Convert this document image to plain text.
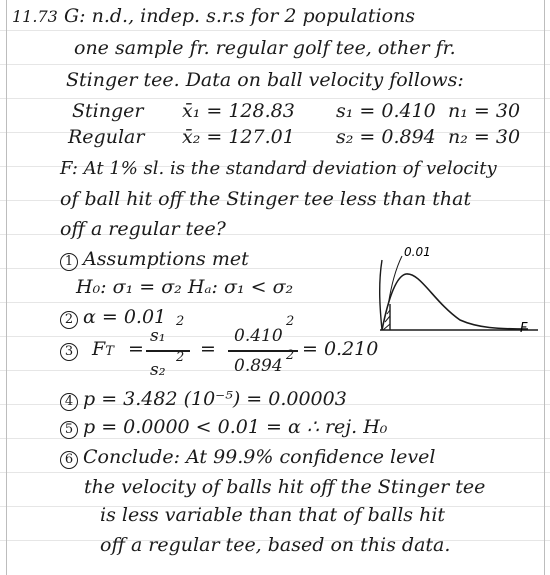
11.73 G: n.d., indep. s.r.s for 2 populations
one sample fr. regular golf tee, other fr.
Stinger tee. Data on ball velocity follows:
Stinger x̄₁ = 128.83 s₁ = 0.410 n₁ = 30
Regular x̄₂ = 127.01 s₂ = 0.894 n₂ = 30
F: At 1% sl. is the standard deviation of velocity
of ball hit off the Stinger tee less than that
off a regular tee?
1 Assumptions met
H₀: σ₁ = σ₂ Hₐ: σ₁ < σ₂
2 α = 0.01
3 FT =
s₁
2
s₂
2 =
0.410
2
0.894
2 = 0.210
4 p = 3.482 (10⁻⁵) = 0.00003
5 p = 0.0000 < 0.01 = α ∴ rej. H₀
6 Conclude: At 99.9% confidence level
the velocity of balls hit off the Stinger tee
is less variable than that of balls hit
off a regular tee, based on this data.
0.01
F
